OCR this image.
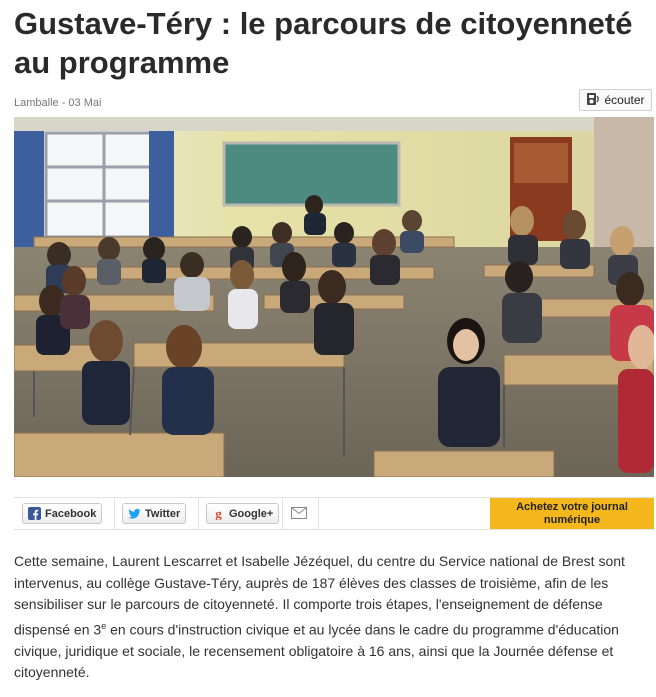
Gustave-Téry : le parcours de citoyenneté au programme
Lamballe - 03 Mai	écouter
Facebook	Twitter	g Google+
Achetez votre journal numérique

Cette semaine, Laurent Lescarret et Isabelle Jézéquel, du centre du Service national de Brest sont intervenus, au collège Gustave-Téry, auprès de 187 élèves des classes de troisième, afin de les sensibiliser sur le parcours de citoyenneté. Il comporte trois étapes, l'enseignement de défense dispensé en 3e en cours d'instruction civique et au lycée dans le cadre du programme d'éducation civique, juridique et sociale, le recensement obligatoire à 16 ans, ainsi que la Journée défense et citoyenneté.
